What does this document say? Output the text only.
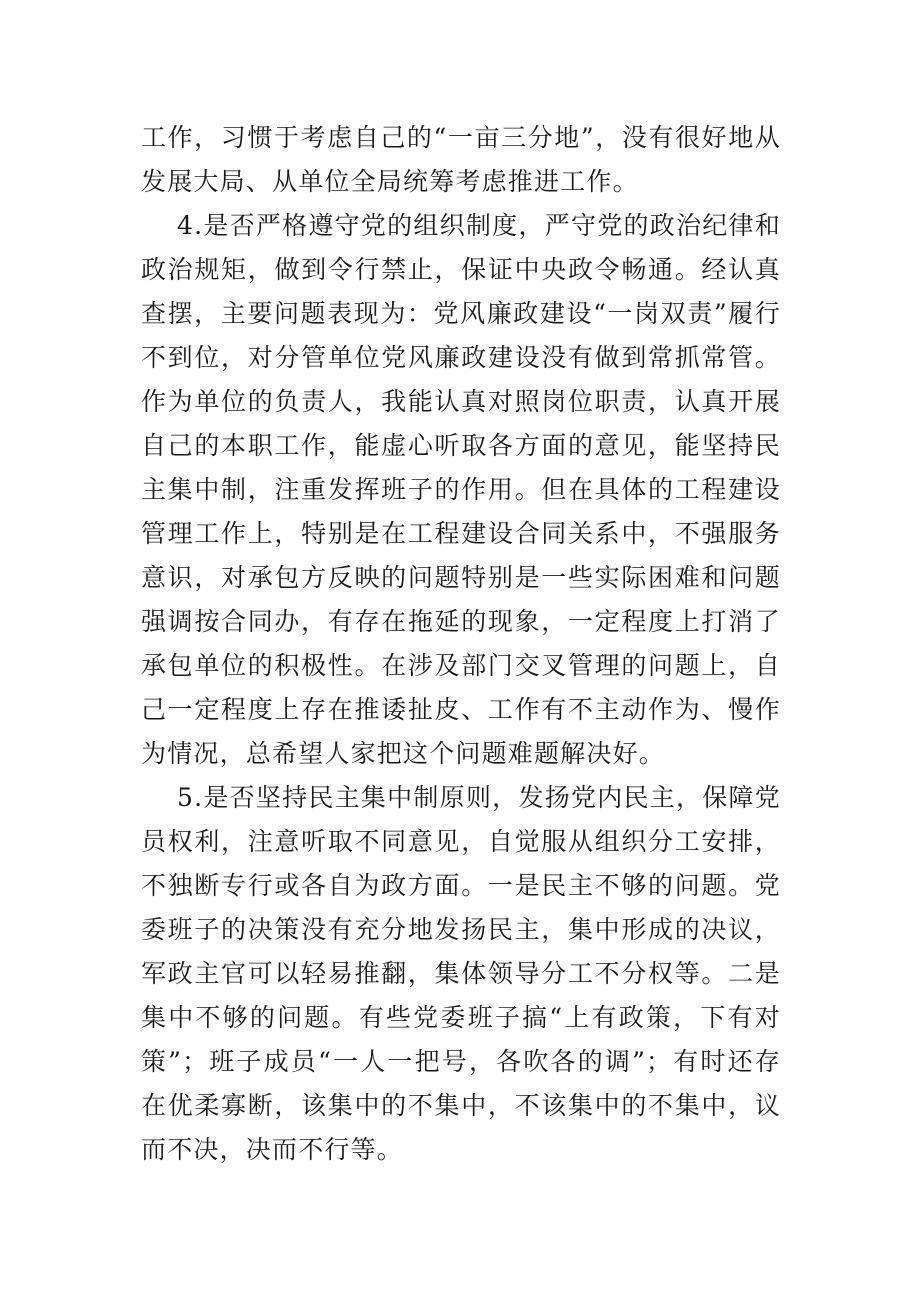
工作，习惯于考虑自己的“一亩三分地”，没有很好地从发展大局、从单位全局统筹考虑推进工作。

4.是否严格遵守党的组织制度，严守党的政治纪律和政治规矩，做到令行禁止，保证中央政令畅通。经认真查摆，主要问题表现为：党风廉政建设“一岗双责”履行不到位，对分管单位党风廉政建设没有做到常抓常管。作为单位的负责人，我能认真对照岗位职责，认真开展自己的本职工作，能虚心听取各方面的意见，能坚持民主集中制，注重发挥班子的作用。但在具体的工程建设管理工作上，特别是在工程建设合同关系中，不强服务意识，对承包方反映的问题特别是一些实际困难和问题强调按合同办，有存在拖延的现象，一定程度上打消了承包单位的积极性。在涉及部门交叉管理的问题上，自己一定程度上存在推诿扯皮、工作有不主动作为、慢作为情况，总希望人家把这个问题难题解决好。

5.是否坚持民主集中制原则，发扬党内民主，保障党员权利，注意听取不同意见，自觉服从组织分工安排，不独断专行或各自为政方面。一是民主不够的问题。党委班子的决策没有充分地发扬民主，集中形成的决议，军政主官可以轻易推翻，集体领导分工不分权等。二是集中不够的问题。有些党委班子搞“上有政策，下有对策”；班子成员“一人一把号，各吹各的调”；有时还存在优柔寡断，该集中的不集中，不该集中的不集中，议而不决，决而不行等。
